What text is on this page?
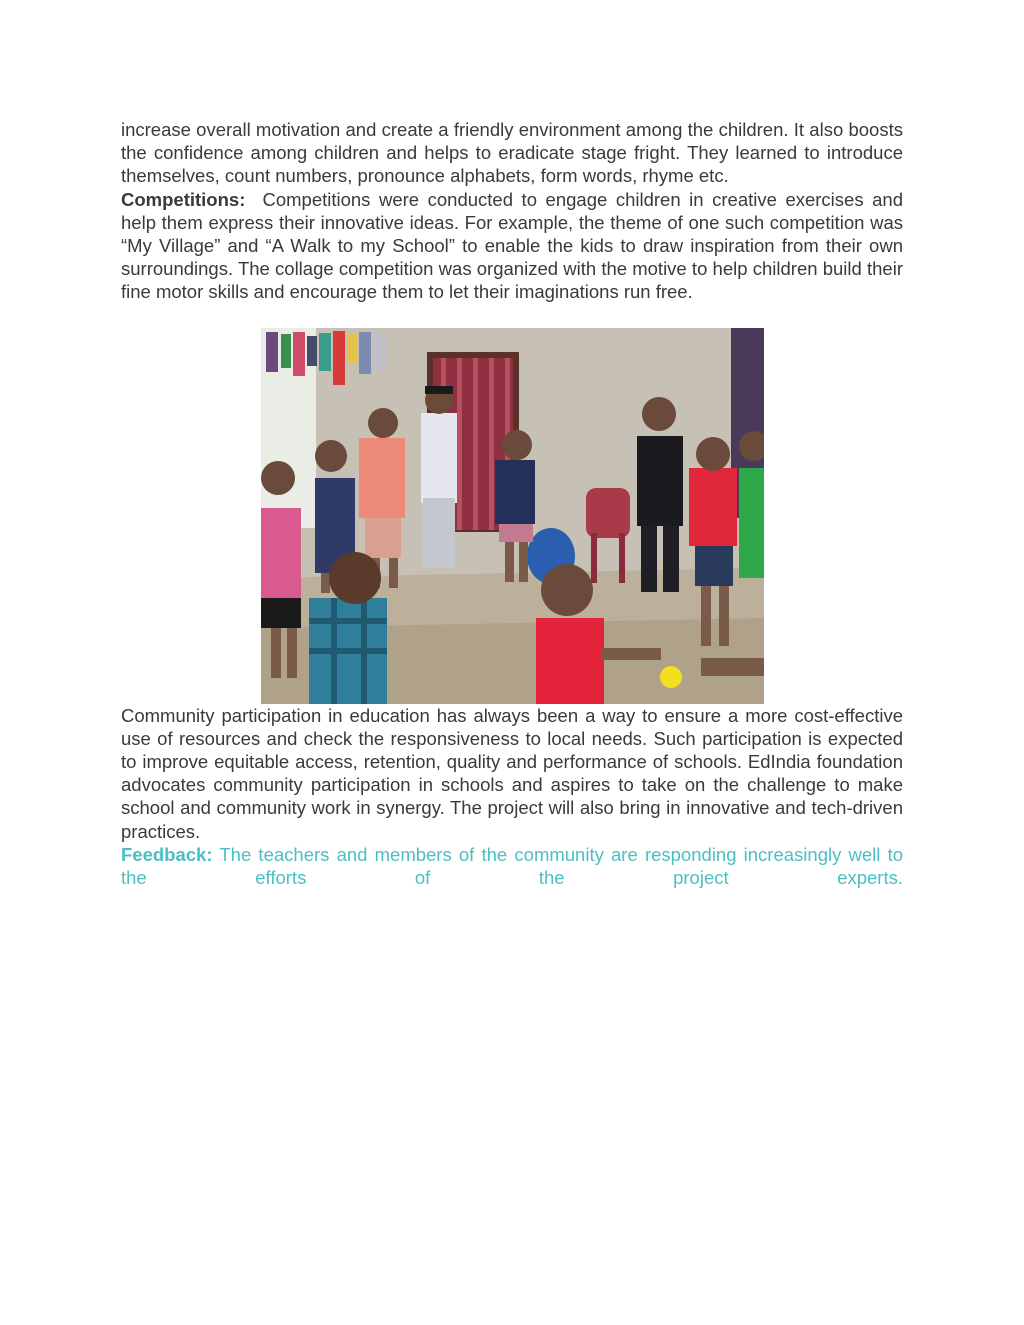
increase overall motivation and create a friendly environment among the children. It also boosts the confidence among children and helps to eradicate stage fright. They learned to introduce themselves, count numbers, pronounce alphabets, form words, rhyme etc.

Competitions: Competitions were conducted to engage children in creative exercises and help them express their innovative ideas. For example, the theme of one such competition was “My Village” and “A Walk to my School” to enable the kids to draw inspiration from their own surroundings. The collage competition was organized with the motive to help children build their fine motor skills and encourage them to let their imaginations run free.

Community participation in education has always been a way to ensure a more cost-effective use of resources and check the responsiveness to local needs. Such participation is expected to improve equitable access, retention, quality and performance of schools. EdIndia foundation advocates community participation in schools and aspires to take on the challenge to make school and community work in synergy. The project will also bring in innovative and tech-driven practices.

Feedback: The teachers and members of the community are responding increasingly well to the efforts of the project experts.
